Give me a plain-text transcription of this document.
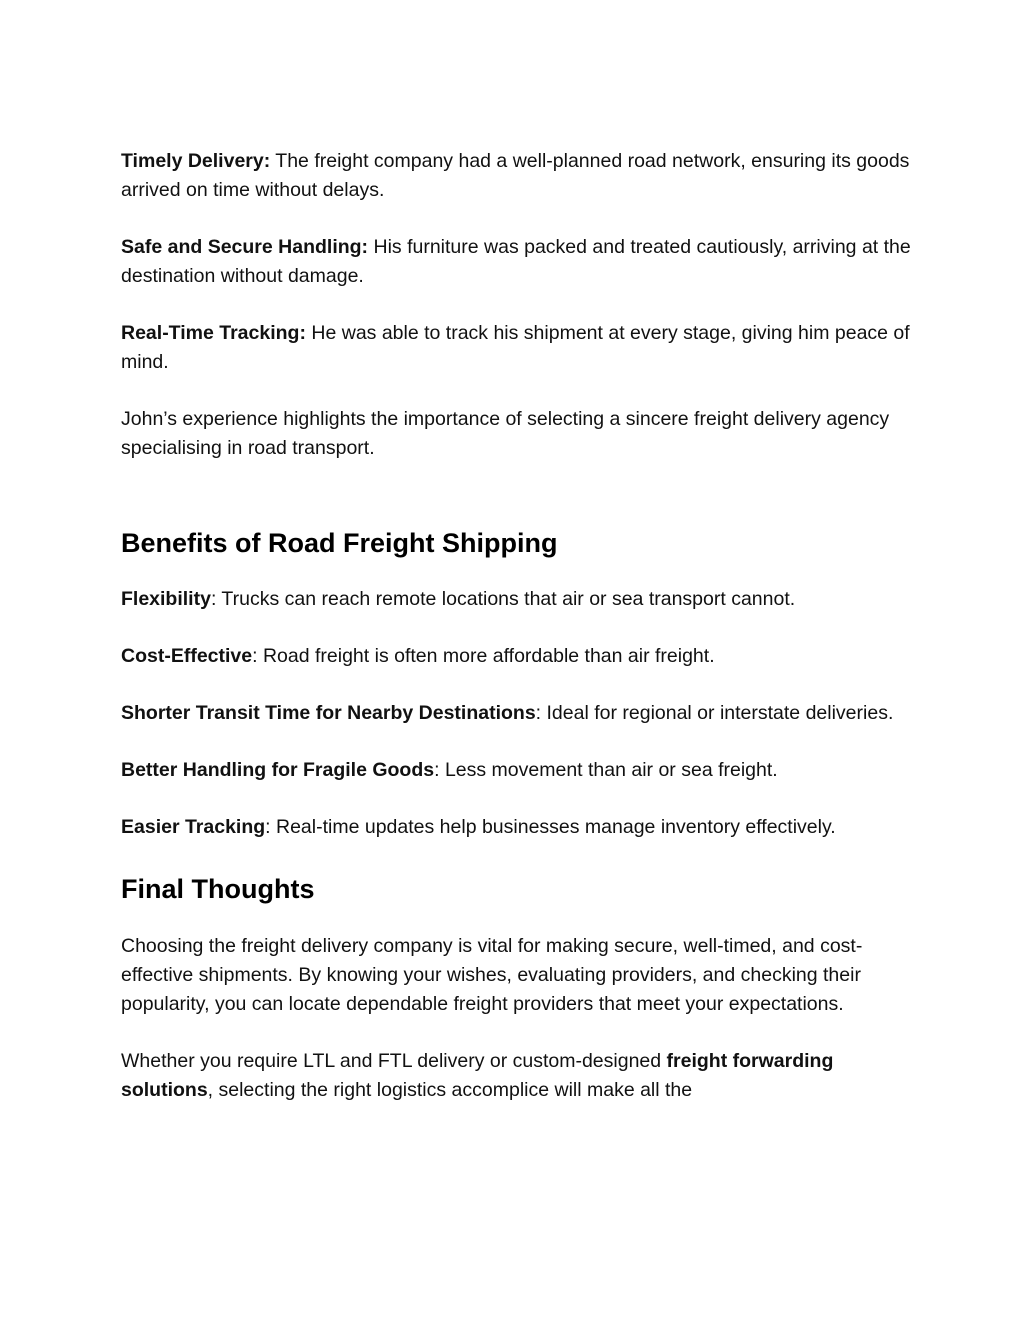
Timely Delivery: The freight company had a well-planned road network, ensuring its goods arrived on time without delays.

Safe and Secure Handling: His furniture was packed and treated cautiously, arriving at the destination without damage.

Real-Time Tracking: He was able to track his shipment at every stage, giving him peace of mind.

John’s experience highlights the importance of selecting a sincere freight delivery agency specialising in road transport.

Benefits of Road Freight Shipping

Flexibility: Trucks can reach remote locations that air or sea transport cannot.

Cost-Effective: Road freight is often more affordable than air freight.

Shorter Transit Time for Nearby Destinations: Ideal for regional or interstate deliveries.

Better Handling for Fragile Goods: Less movement than air or sea freight.

Easier Tracking: Real-time updates help businesses manage inventory effectively.

Final Thoughts

Choosing the freight delivery company is vital for making secure, well-timed, and cost-effective shipments. By knowing your wishes, evaluating providers, and checking their popularity, you can locate dependable freight providers that meet your expectations.

Whether you require LTL and FTL delivery or custom-designed freight forwarding solutions, selecting the right logistics accomplice will make all the
